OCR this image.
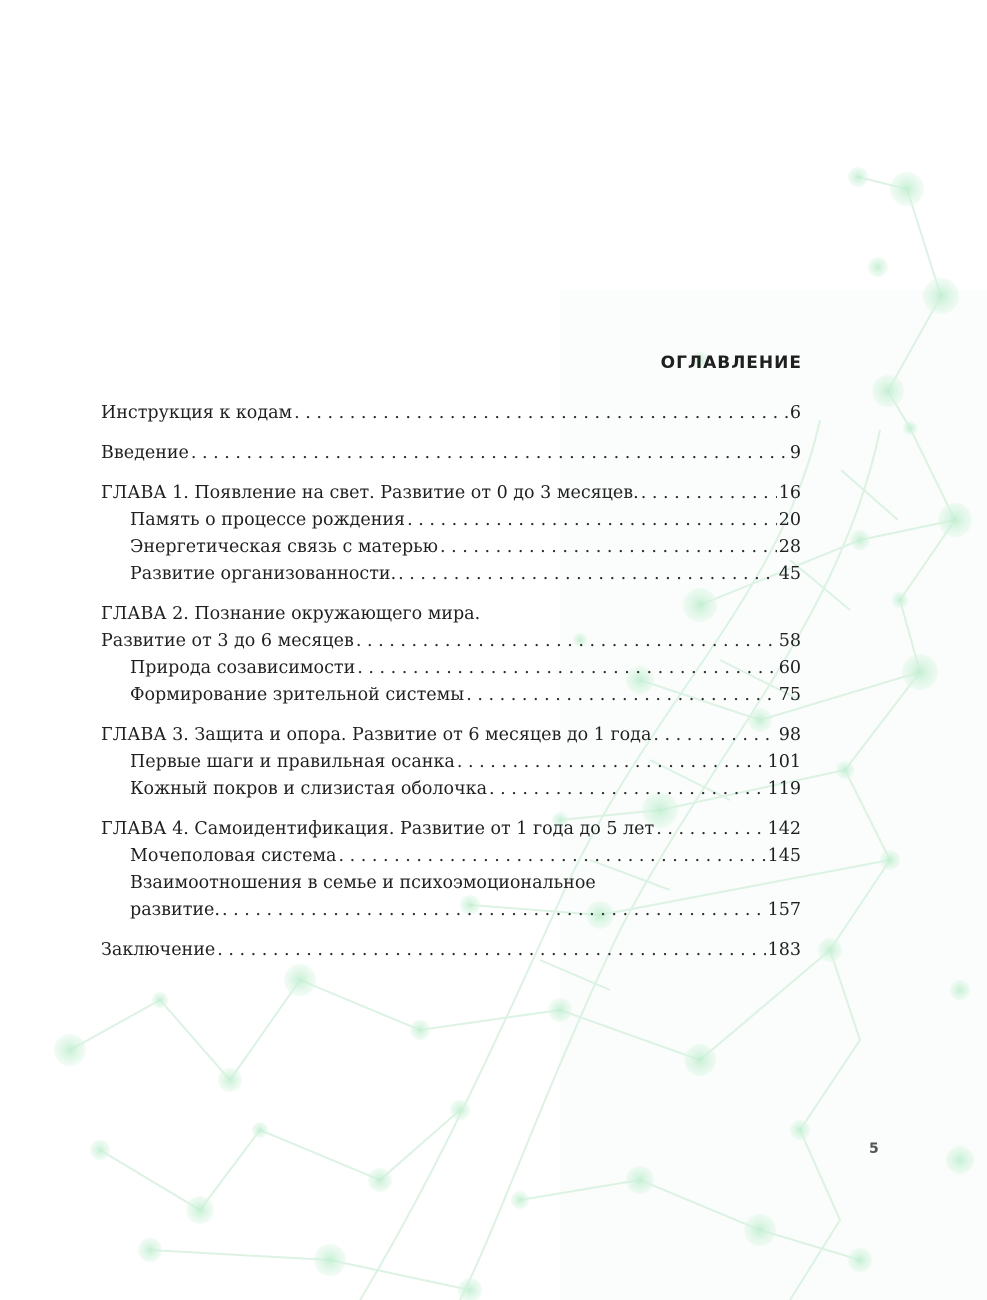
ОГЛАВЛЕНИЕ
Инструкция к кодам . . .	6
Введение . . .	9
ГЛАВА 1. Появление на свет. Развитие от 0 до 3 месяцев. . . .	16
Память о процессе рождения . . .	20
Энергетическая связь с матерью . . .	28
Развитие организованности. . . .	45
ГЛАВА 2. Познание окружающего мира.
Развитие от 3 до 6 месяцев . . .	58
Природа созависимости . . .	60
Формирование зрительной системы . . .	75
ГЛАВА 3. Защита и опора. Развитие от 6 месяцев до 1 года . . .	98
Первые шаги и правильная осанка . . .	101
Кожный покров и слизистая оболочка . . .	119
ГЛАВА 4. Самоидентификация. Развитие от 1 года до 5 лет . . .	142
Мочеполовая система . . .	145
Взаимоотношения в семье и психоэмоциональное
развитие. . . .	157
Заключение . . .	183
5
